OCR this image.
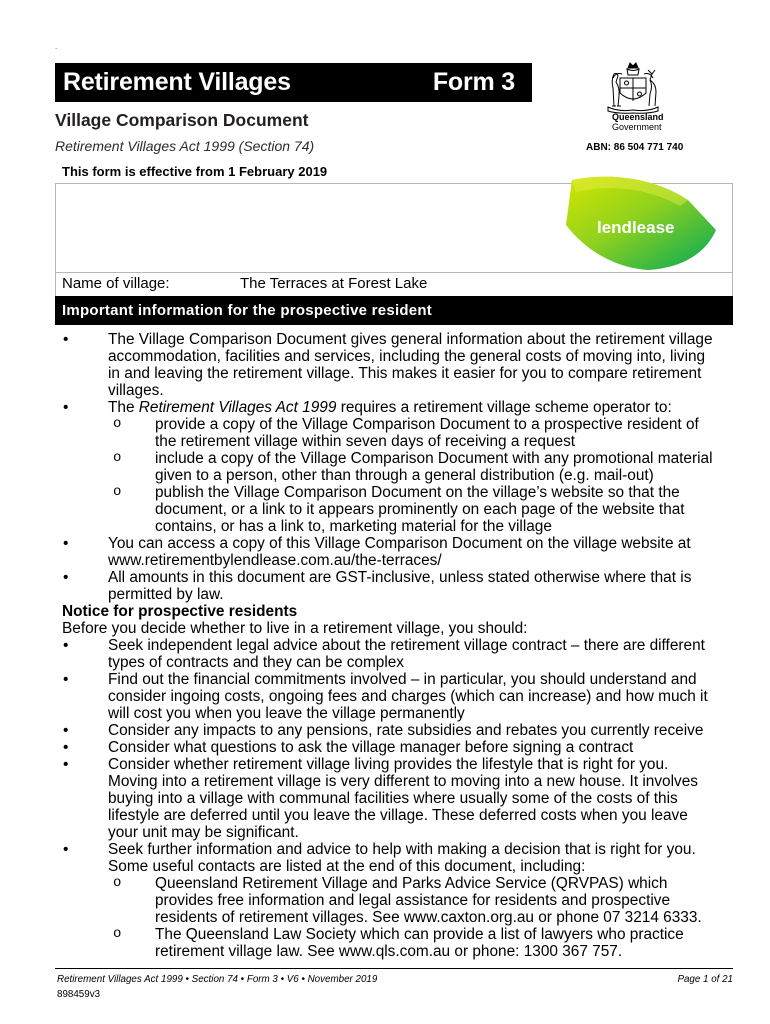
.
Retirement Villages	Form 3
Village Comparison Document
Retirement Villages Act 1999 (Section 74)
Queensland
Government
ABN: 86 504 771 740
This form is effective from 1 February 2019
lendlease
Name of village:	The Terraces at Forest Lake
Important information for the prospective resident
•	The Village Comparison Document gives general information about the retirement village
accommodation, facilities and services, including the general costs of moving into, living
in and leaving the retirement village. This makes it easier for you to compare retirement
villages.
•	The Retirement Villages Act 1999 requires a retirement village scheme operator to:
o	provide a copy of the Village Comparison Document to a prospective resident of
the retirement village within seven days of receiving a request
o	include a copy of the Village Comparison Document with any promotional material
given to a person, other than through a general distribution (e.g. mail-out)
o	publish the Village Comparison Document on the village’s website so that the
document, or a link to it appears prominently on each page of the website that
contains, or has a link to, marketing material for the village
•	You can access a copy of this Village Comparison Document on the village website at
www.retirementbylendlease.com.au/the-terraces/
•	All amounts in this document are GST-inclusive, unless stated otherwise where that is
permitted by law.
Notice for prospective residents
Before you decide whether to live in a retirement village, you should:
•	Seek independent legal advice about the retirement village contract – there are different
types of contracts and they can be complex
•	Find out the financial commitments involved – in particular, you should understand and
consider ingoing costs, ongoing fees and charges (which can increase) and how much it
will cost you when you leave the village permanently
•	Consider any impacts to any pensions, rate subsidies and rebates you currently receive
•	Consider what questions to ask the village manager before signing a contract
•	Consider whether retirement village living provides the lifestyle that is right for you.
Moving into a retirement village is very different to moving into a new house. It involves
buying into a village with communal facilities where usually some of the costs of this
lifestyle are deferred until you leave the village. These deferred costs when you leave
your unit may be significant.
•	Seek further information and advice to help with making a decision that is right for you.
Some useful contacts are listed at the end of this document, including:
o	Queensland Retirement Village and Parks Advice Service (QRVPAS) which
provides free information and legal assistance for residents and prospective
residents of retirement villages. See www.caxton.org.au or phone 07 3214 6333.
o	The Queensland Law Society which can provide a list of lawyers who practice
retirement village law. See www.qls.com.au or phone: 1300 367 757.
Retirement Villages Act 1999 • Section 74 • Form 3 • V6 • November 2019	Page 1 of 21
898459v3
